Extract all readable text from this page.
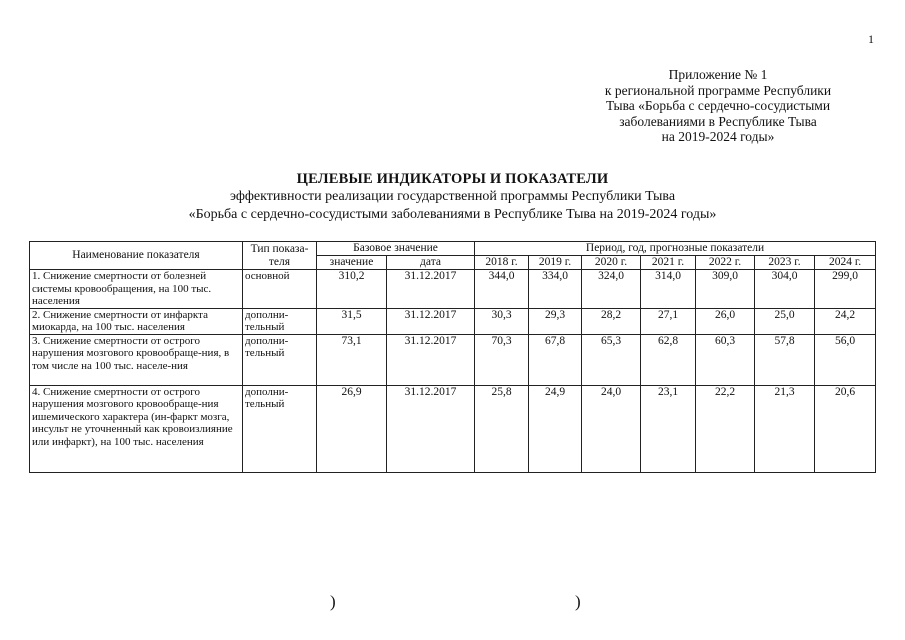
1
Приложение № 1
к региональной программе Республики
Тыва «Борьба с сердечно-сосудистыми
заболеваниями в Республике Тыва
на 2019-2024 годы»
ЦЕЛЕВЫЕ ИНДИКАТОРЫ И ПОКАЗАТЕЛИ
эффективности реализации государственной программы Республики Тыва
«Борьба с сердечно-сосудистыми заболеваниями в Республике Тыва на 2019-2024 годы»
Наименование показателя	Тип показа-теля	Базовое значение		Период, год, прогнозные показатели						
		значение	дата	2018 г.	2019 г.	2020 г.	2021 г.	2022 г.	2023 г.	2024 г.
1. Снижение смертности от болезней системы кровообращения, на 100 тыс. населения	основной	310,2	31.12.2017	344,0	334,0	324,0	314,0	309,0	304,0	299,0
2. Снижение смертности от инфаркта миокарда, на 100 тыс. населения	дополни-тельный	31,5	31.12.2017	30,3	29,3	28,2	27,1	26,0	25,0	24,2
3. Снижение смертности от острого нарушения мозгового кровообраще-ния, в том числе на 100 тыс. населе-ния	дополни-тельный	73,1	31.12.2017	70,3	67,8	65,3	62,8	60,3	57,8	56,0
4. Снижение смертности от острого нарушения мозгового кровообраще-ния ишемического характера (ин-фаркт мозга, инсульт не уточненный как кровоизлияние или инфаркт), на 100 тыс. населения	дополни-тельный	26,9	31.12.2017	25,8	24,9	24,0	23,1	22,2	21,3	20,6
)	)
